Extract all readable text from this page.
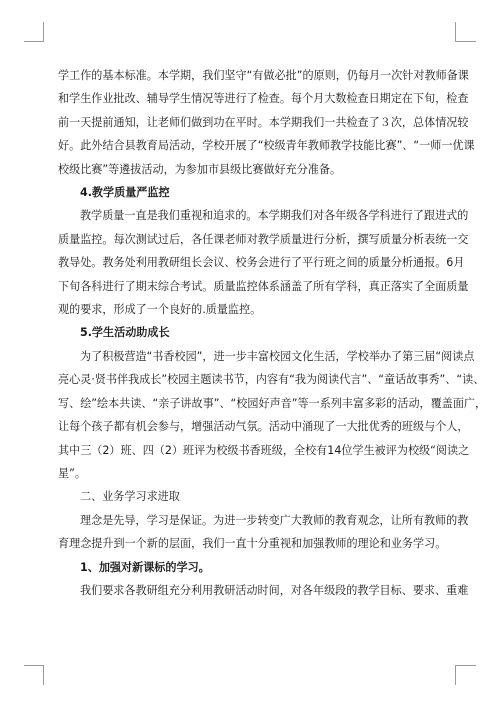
学工作的基本标准。本学期，我们坚守“有做必批”的原则，仍每月一次针对教师备课
和学生作业批改、辅导学生情况等进行了检查。每个月大数检查日期定在下旬，检查
前一天提前通知，让老师们做到功在平时。本学期我们一共检查了３次，总体情况较
好。此外结合县教育局活动，学校开展了“校级青年教师教学技能比赛”、“一师一优课
校级比赛”等遴拔活动，为参加市县级比赛做好充分准备。

4.教学质量严监控

教学质量一直是我们重视和追求的。本学期我们对各年级各学科进行了跟进式的
质量监控。每次测试过后，各任课老师对教学质量进行分析，撰写质量分析表统一交
教导处。教务处利用教研组长会议、校务会进行了平行班之间的质量分析通报。6月
下旬各科进行了期末综合考试。质量监控体系涵盖了所有学科，真正落实了全面质量
观的要求，形成了一个良好的.质量监控。

5.学生活动助成长

为了积极营造“书香校园”，进一步丰富校园文化生活，学校举办了第三届“阅读点
亮心灵·贤书伴我成长”校园主题读书节，内容有“我为阅读代言”、“童话故事秀”、“读、
写、绘”绘本共读、“亲子讲故事”、“校园好声音”等一系列丰富多彩的活动，覆盖面广，
让每个孩子都有机会参与，增强活动气氛。活动中涌现了一大批优秀的班级与个人，
其中三（2）班、四（2）班评为校级书香班级，全校有14位学生被评为校级“阅读之
星”。

二、业务学习求进取

理念是先导，学习是保证。为进一步转变广大教师的教育观念，让所有教师的教
育理念提升到一个新的层面，我们一直十分重视和加强教师的理论和业务学习。

1、加强对新课标的学习。

我们要求各教研组充分利用教研活动时间，对各年级段的教学目标、要求、重难
